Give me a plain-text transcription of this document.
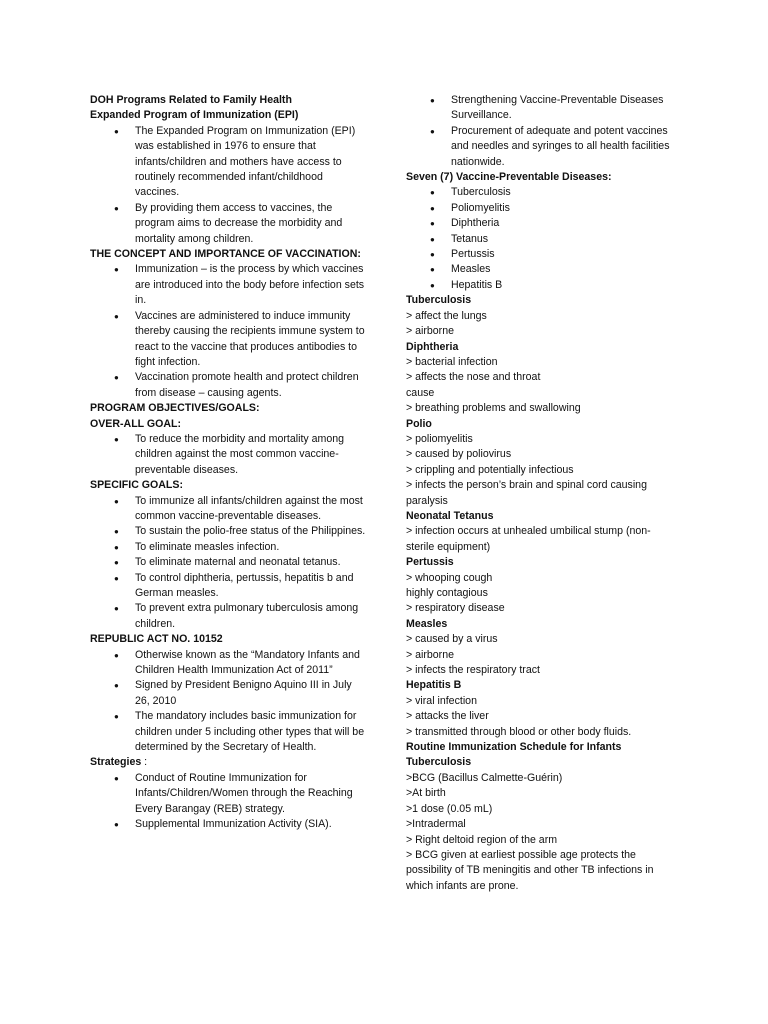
DOH Programs Related to Family Health
Expanded Program of Immunization (EPI)
● The Expanded Program on Immunization (EPI) was established in 1976 to ensure that infants/children and mothers have access to routinely recommended infant/childhood vaccines.
● By providing them access to vaccines, the program aims to decrease the morbidity and mortality among children.
THE CONCEPT AND IMPORTANCE OF VACCINATION:
● Immunization – is the process by which vaccines are introduced into the body before infection sets in.
● Vaccines are administered to induce immunity thereby causing the recipients immune system to react to the vaccine that produces antibodies to fight infection.
● Vaccination promote health and protect children from disease – causing agents.
PROGRAM OBJECTIVES/GOALS:
OVER-ALL GOAL:
● To reduce the morbidity and mortality among children against the most common vaccine-preventable diseases.
SPECIFIC GOALS:
● To immunize all infants/children against the most common vaccine-preventable diseases.
● To sustain the polio-free status of the Philippines.
● To eliminate measles infection.
● To eliminate maternal and neonatal tetanus.
● To control diphtheria, pertussis, hepatitis b and German measles.
● To prevent extra pulmonary tuberculosis among children.
REPUBLIC ACT NO. 10152
● Otherwise known as the “Mandatory Infants and Children Health Immunization Act of 2011”
● Signed by President Benigno Aquino III in July 26, 2010
● The mandatory includes basic immunization for children under 5 including other types that will be determined by the Secretary of Health.
Strategies :
● Conduct of Routine Immunization for Infants/Children/Women through the Reaching Every Barangay (REB) strategy.
● Supplemental Immunization Activity (SIA).
● Strengthening Vaccine-Preventable Diseases Surveillance.
● Procurement of adequate and potent vaccines and needles and syringes to all health facilities nationwide.
Seven (7) Vaccine-Preventable Diseases:
● Tuberculosis
● Poliomyelitis
● Diphtheria
● Tetanus
● Pertussis
● Measles
● Hepatitis B
Tuberculosis
> affect the lungs
> airborne
Diphtheria
> bacterial infection
> affects the nose and throat
cause
> breathing problems and swallowing
Polio
> poliomyelitis
> caused by poliovirus
> crippling and potentially infectious
> infects the person’s brain and spinal cord causing paralysis
Neonatal Tetanus
> infection occurs at unhealed umbilical stump (non-sterile equipment)
Pertussis
> whooping cough
highly contagious
> respiratory disease
Measles
> caused by a virus
> airborne
> infects the respiratory tract
Hepatitis B
> viral infection
> attacks the liver
> transmitted through blood or other body fluids.
Routine Immunization Schedule for Infants
Tuberculosis
>BCG (Bacillus Calmette-Guérin)
>At birth
>1 dose (0.05 mL)
>Intradermal
> Right deltoid region of the arm
> BCG given at earliest possible age protects the possibility of TB meningitis and other TB infections in which infants are prone.
